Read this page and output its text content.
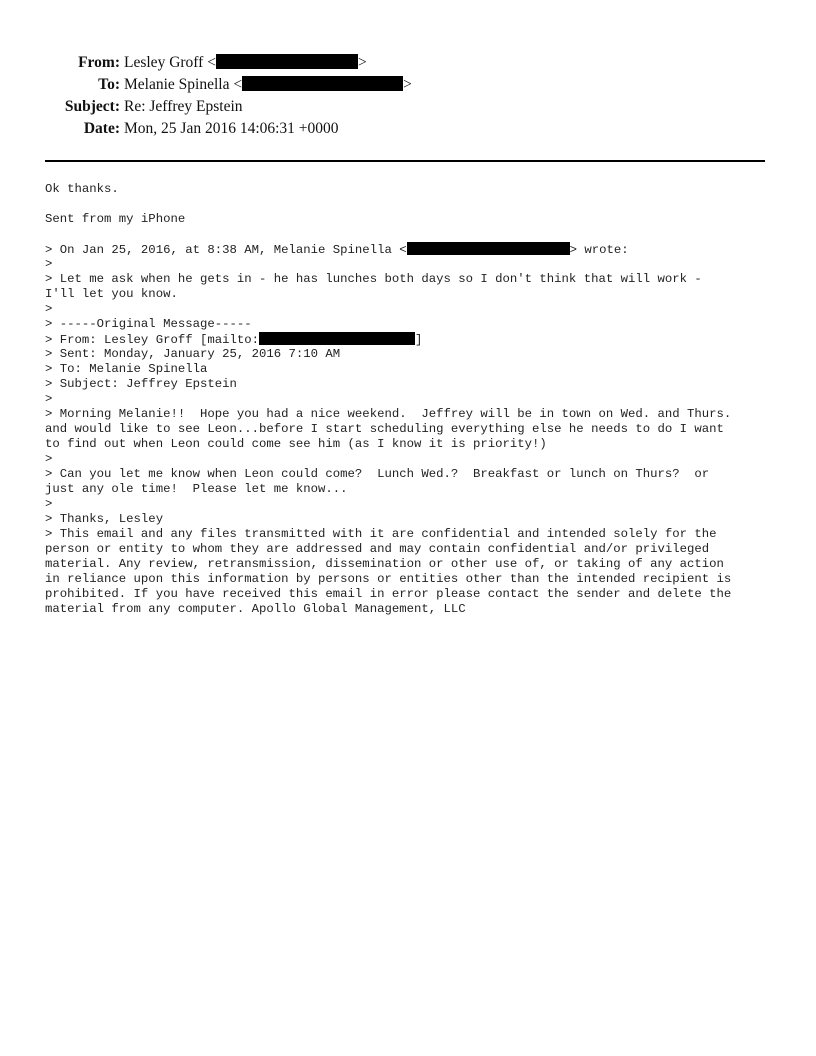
From: Lesley Groff <	>
To: Melanie Spinella <	>
Subject: Re: Jeffrey Epstein
Date: Mon, 25 Jan 2016 14:06:31 +0000
Ok thanks.
Sent from my iPhone
> On Jan 25, 2016, at 8:38 AM, Melanie Spinella <	> wrote:
>
> Let me ask when he gets in - he has lunches both days so I don't think that will work -
I'll let you know.
>
> -----Original Message-----
> From: Lesley Groff [mailto:	]
> Sent: Monday, January 25, 2016 7:10 AM
> To: Melanie Spinella
> Subject: Jeffrey Epstein
>
> Morning Melanie!!  Hope you had a nice weekend.  Jeffrey will be in town on Wed. and Thurs.
and would like to see Leon...before I start scheduling everything else he needs to do I want
to find out when Leon could come see him (as I know it is priority!)
>
> Can you let me know when Leon could come?  Lunch Wed.?  Breakfast or lunch on Thurs?  or
just any ole time!  Please let me know...
>
> Thanks, Lesley
> This email and any files transmitted with it are confidential and intended solely for the
person or entity to whom they are addressed and may contain confidential and/or privileged
material. Any review, retransmission, dissemination or other use of, or taking of any action
in reliance upon this information by persons or entities other than the intended recipient is
prohibited. If you have received this email in error please contact the sender and delete the
material from any computer. Apollo Global Management, LLC
